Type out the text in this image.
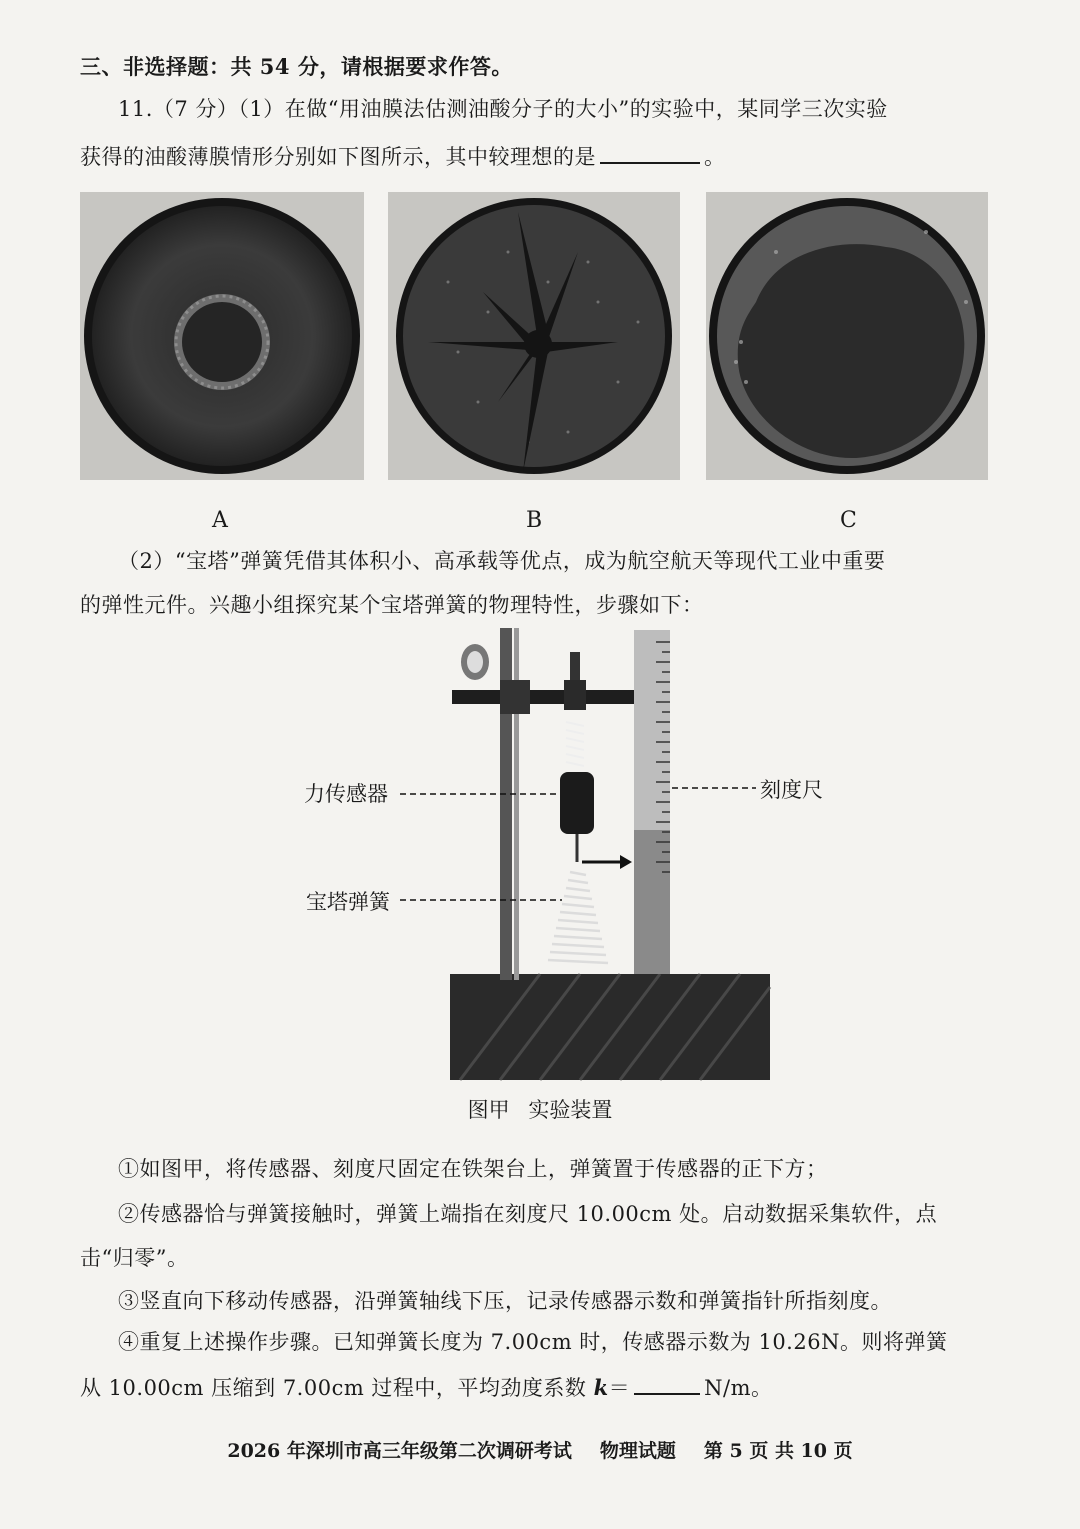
三、非选择题：共 54 分，请根据要求作答。
11.（7 分）（1）在做“用油膜法估测油酸分子的大小”的实验中，某同学三次实验
获得的油酸薄膜情形分别如下图所示，其中较理想的是	。
A	B	C
（2）“宝塔”弹簧凭借其体积小、高承载等优点，成为航空航天等现代工业中重要
的弹性元件。兴趣小组探究某个宝塔弹簧的物理特性，步骤如下：
力传感器	刻度尺
宝塔弹簧
图甲 实验装置
①如图甲，将传感器、刻度尺固定在铁架台上，弹簧置于传感器的正下方；
②传感器恰与弹簧接触时，弹簧上端指在刻度尺 10.00cm 处。启动数据采集软件，点
击“归零”。
③竖直向下移动传感器，沿弹簧轴线下压，记录传感器示数和弹簧指针所指刻度。
④重复上述操作步骤。已知弹簧长度为 7.00cm 时，传感器示数为 10.26N。则将弹簧
从 10.00cm 压缩到 7.00cm 过程中，平均劲度系数 k＝	N/m。
2026 年深圳市高三年级第二次调研考试 物理试题 第 5 页 共 10 页
